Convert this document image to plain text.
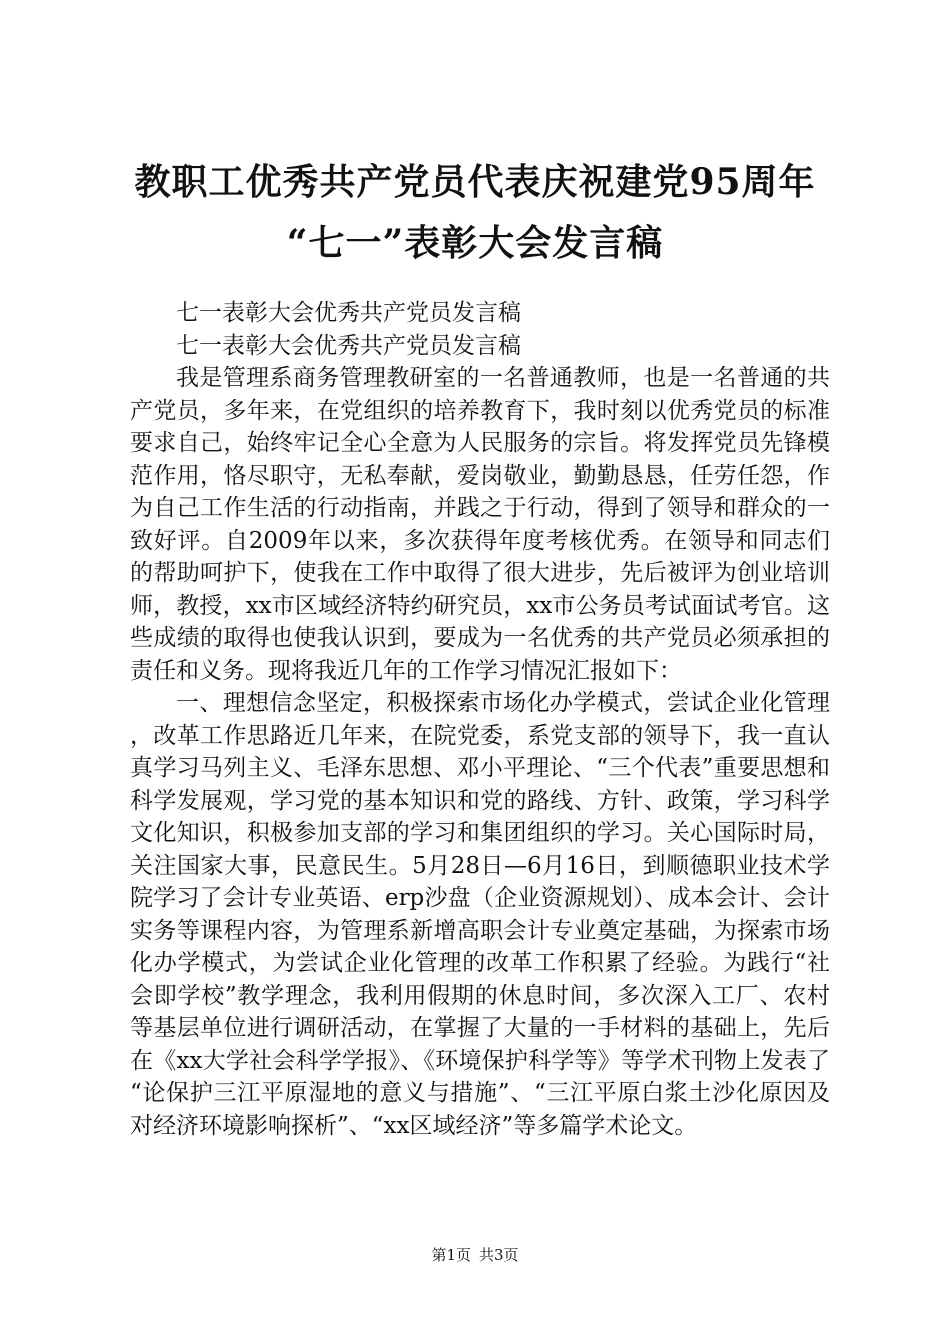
教职工优秀共产党员代表庆祝建党95周年
“七一”表彰大会发言稿

七一表彰大会优秀共产党员发言稿

七一表彰大会优秀共产党员发言稿

我是管理系商务管理教研室的一名普通教师，也是一名普通的共产党员，多年来，在党组织的培养教育下，我时刻以优秀党员的标准要求自己，始终牢记全心全意为人民服务的宗旨。将发挥党员先锋模范作用，恪尽职守，无私奉献，爱岗敬业，勤勤恳恳，任劳任怨，作为自己工作生活的行动指南，并践之于行动，得到了领导和群众的一致好评。自2009年以来，多次获得年度考核优秀。在领导和同志们的帮助呵护下，使我在工作中取得了很大进步，先后被评为创业培训师，教授，xx市区域经济特约研究员，xx市公务员考试面试考官。这些成绩的取得也使我认识到，要成为一名优秀的共产党员必须承担的责任和义务。现将我近几年的工作学习情况汇报如下：

一、理想信念坚定，积极探索市场化办学模式，尝试企业化管理，改革工作思路近几年来，在院党委，系党支部的领导下，我一直认真学习马列主义、毛泽东思想、邓小平理论、“三个代表”重要思想和科学发展观，学习党的基本知识和党的路线、方针、政策，学习科学文化知识，积极参加支部的学习和集团组织的学习。关心国际时局，关注国家大事，民意民生。5月28日—6月16日，到顺德职业技术学院学习了会计专业英语、erp沙盘（企业资源规划）、成本会计、会计实务等课程内容，为管理系新增高职会计专业奠定基础，为探索市场化办学模式，为尝试企业化管理的改革工作积累了经验。为践行“社会即学校”教学理念，我利用假期的休息时间，多次深入工厂、农村等基层单位进行调研活动，在掌握了大量的一手材料的基础上，先后在《xx大学社会科学学报》、《环境保护科学等》等学术刊物上发表了“论保护三江平原湿地的意义与措施”、“三江平原白浆土沙化原因及对经济环境影响探析”、“xx区域经济”等多篇学术论文。

第1页 共3页
